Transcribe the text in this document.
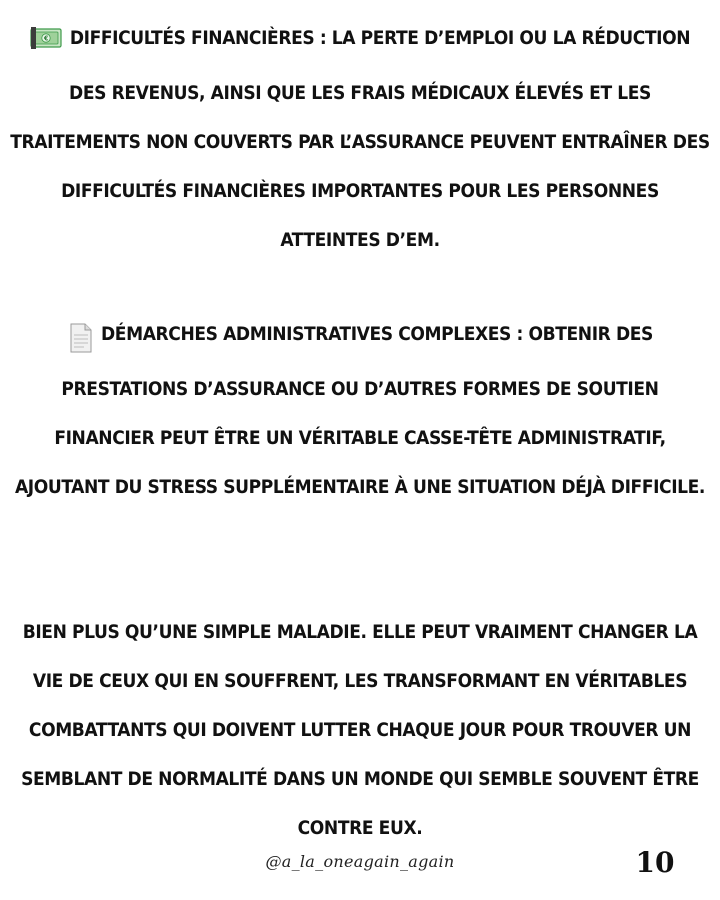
€ DIFFICULTÉS FINANCIÈRES : LA PERTE D’EMPLOI OU LA RÉDUCTION DES REVENUS, AINSI QUE LES FRAIS MÉDICAUX ÉLEVÉS ET LES TRAITEMENTS NON COUVERTS PAR L’ASSURANCE PEUVENT ENTRAÎNER DES DIFFICULTÉS FINANCIÈRES IMPORTANTES POUR LES PERSONNES ATTEINTES D’EM.
DÉMARCHES ADMINISTRATIVES COMPLEXES : OBTENIR DES PRESTATIONS D’ASSURANCE OU D’AUTRES FORMES DE SOUTIEN FINANCIER PEUT ÊTRE UN VÉRITABLE CASSE-TÊTE ADMINISTRATIF, AJOUTANT DU STRESS SUPPLÉMENTAIRE À UNE SITUATION DÉJÀ DIFFICILE.
BIEN PLUS QU’UNE SIMPLE MALADIE. ELLE PEUT VRAIMENT CHANGER LA VIE DE CEUX QUI EN SOUFFRENT, LES TRANSFORMANT EN VÉRITABLES COMBATTANTS QUI DOIVENT LUTTER CHAQUE JOUR POUR TROUVER UN SEMBLANT DE NORMALITÉ DANS UN MONDE QUI SEMBLE SOUVENT ÊTRE CONTRE EUX.
@a_la_oneagain_again	10
